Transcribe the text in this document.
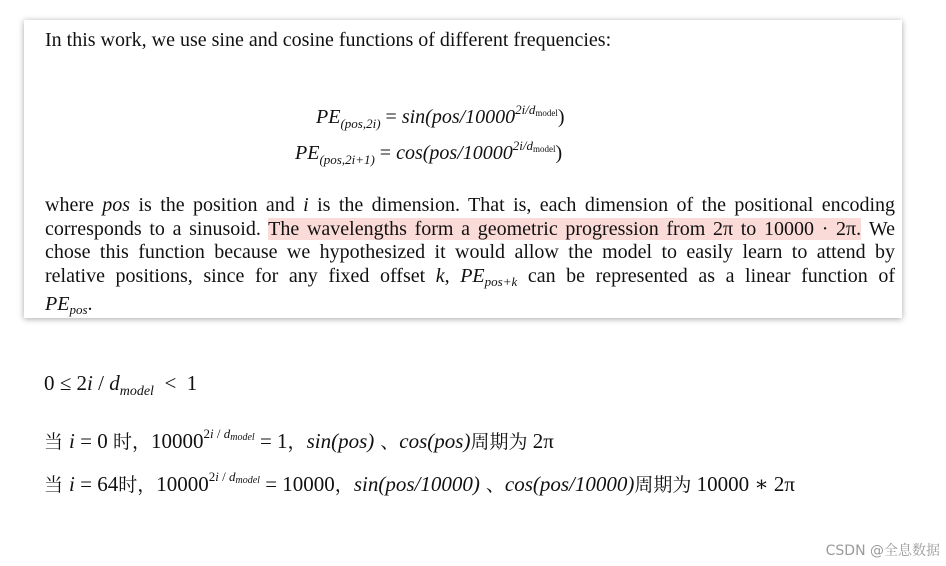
In this work, we use sine and cosine functions of different frequencies:
$PE_{(pos,2i)} = \sin(pos/10000^{2i/d_{model}})$
$PE_{(pos,2i+1)} = \cos(pos/10000^{2i/d_{model}})$
where pos is the position and i is the dimension. That is, each dimension of the positional encoding
corresponds to a sinusoid. The wavelengths form a geometric progression from 2π to 10000 · 2π. We
chose this function because we hypothesized it would allow the model to easily learn to attend by
relative positions, since for any fixed offset k, $PE_{pos+k}$ can be represented as a linear function of
$PE_{pos}$.
$0 \le 2i / d_{model} < 1$
当 i = 0 时，$10000^{2i / d_{model}} = 1$，sin(pos) 、cos(pos)周期为 2π
当 i = 64时，$10000^{2i / d_{model}} = 10000$，sin(pos/10000) 、cos(pos/10000)周期为 10000 ∗ 2π
CSDN @全息数据
